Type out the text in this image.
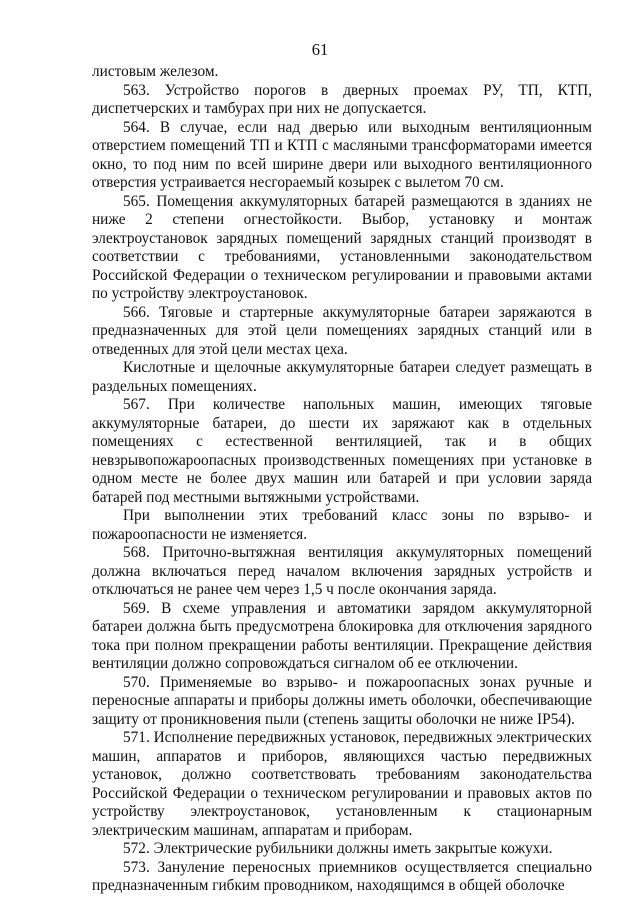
61

листовым железом.

563. Устройство порогов в дверных проемах РУ, ТП, КТП, диспетчерских и тамбурах при них не допускается.

564. В случае, если над дверью или выходным вентиляционным отверстием помещений ТП и КТП с масляными трансформаторами имеется окно, то под ним по всей ширине двери или выходного вентиляционного отверстия устраивается несгораемый козырек с вылетом 70 см.

565. Помещения аккумуляторных батарей размещаются в зданиях не ниже 2 степени огнестойкости. Выбор, установку и монтаж электроустановок зарядных помещений зарядных станций производят в соответствии с требованиями, установленными законодательством Российской Федерации о техническом регулировании и правовыми актами по устройству электроустановок.

566. Тяговые и стартерные аккумуляторные батареи заряжаются в предназначенных для этой цели помещениях зарядных станций или в отведенных для этой цели местах цеха.

Кислотные и щелочные аккумуляторные батареи следует размещать в раздельных помещениях.

567. При количестве напольных машин, имеющих тяговые аккумуляторные батареи, до шести их заряжают как в отдельных помещениях с естественной вентиляцией, так и в общих невзрывопожароопасных производственных помещениях при установке в одном месте не более двух машин или батарей и при условии заряда батарей под местными вытяжными устройствами.

При выполнении этих требований класс зоны по взрыво- и пожароопасности не изменяется.

568. Приточно-вытяжная вентиляция аккумуляторных помещений должна включаться перед началом включения зарядных устройств и отключаться не ранее чем через 1,5 ч после окончания заряда.

569. В схеме управления и автоматики зарядом аккумуляторной батареи должна быть предусмотрена блокировка для отключения зарядного тока при полном прекращении работы вентиляции. Прекращение действия вентиляции должно сопровождаться сигналом об ее отключении.

570. Применяемые во взрыво- и пожароопасных зонах ручные и переносные аппараты и приборы должны иметь оболочки, обеспечивающие защиту от проникновения пыли (степень защиты оболочки не ниже IP54).

571. Исполнение передвижных установок, передвижных электрических машин, аппаратов и приборов, являющихся частью передвижных установок, должно соответствовать требованиям законодательства Российской Федерации о техническом регулировании и правовых актов по устройству электроустановок, установленным к стационарным электрическим машинам, аппаратам и приборам.

572. Электрические рубильники должны иметь закрытые кожухи.

573. Зануление переносных приемников осуществляется специально предназначенным гибким проводником, находящимся в общей оболочке
